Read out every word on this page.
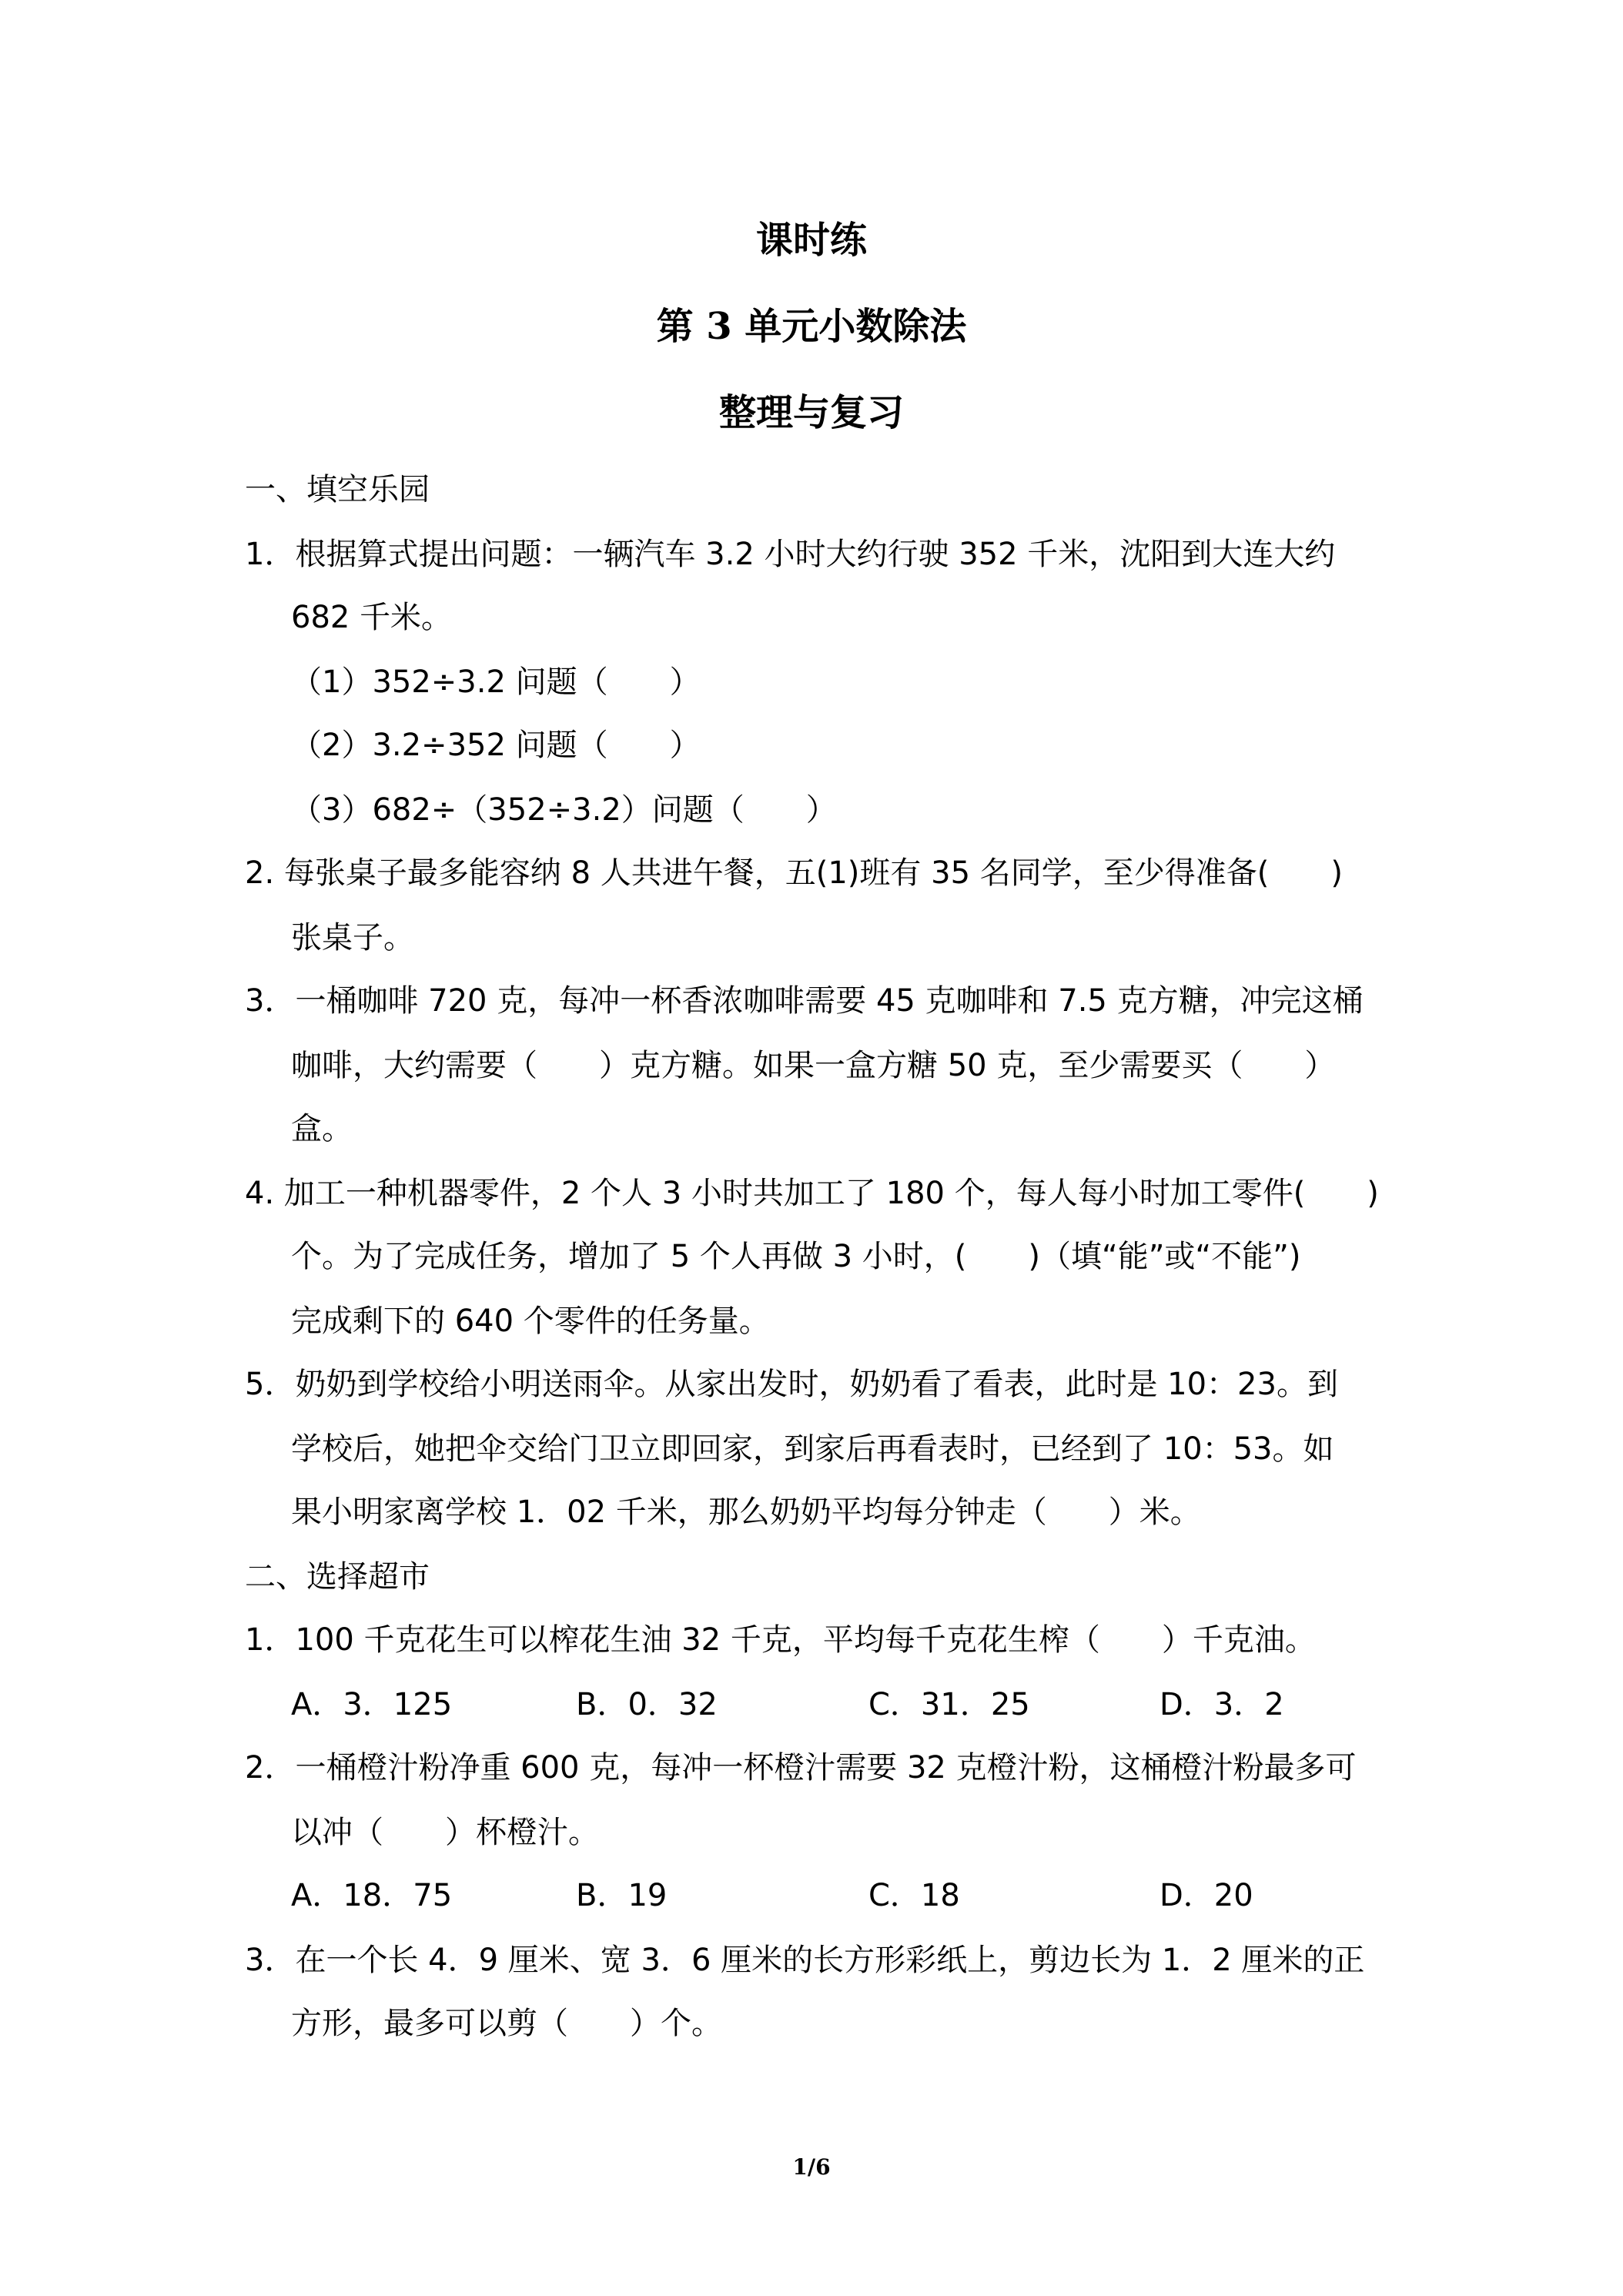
课时练
第 3 单元小数除法
整理与复习
一、填空乐园
1．根据算式提出问题：一辆汽车 3.2 小时大约行驶 352 千米，沈阳到大连大约
682 千米。
（1）352÷3.2 问题（　　）
（2）3.2÷352 问题（　　）
（3）682÷（352÷3.2）问题（　　）
2. 每张桌子最多能容纳 8 人共进午餐，五(1)班有 35 名同学，至少得准备(　　)
张桌子。
3．一桶咖啡 720 克，每冲一杯香浓咖啡需要 45 克咖啡和 7.5 克方糖，冲完这桶
咖啡，大约需要（　　）克方糖。如果一盒方糖 50 克，至少需要买（　　）
盒。
4. 加工一种机器零件，2 个人 3 小时共加工了 180 个，每人每小时加工零件(　　)
个。为了完成任务，增加了 5 个人再做 3 小时，(　　)（填“能”或“不能”)
完成剩下的 640 个零件的任务量。
5．奶奶到学校给小明送雨伞。从家出发时，奶奶看了看表，此时是 10：23。到
学校后，她把伞交给门卫立即回家，到家后再看表时，已经到了 10：53。如
果小明家离学校 1．02 千米，那么奶奶平均每分钟走（　　）米。
二、选择超市
1．100 千克花生可以榨花生油 32 千克，平均每千克花生榨（　　）千克油。
A．3．125	B．0．32	C．31．25	D．3．2
2．一桶橙汁粉净重 600 克，每冲一杯橙汁需要 32 克橙汁粉，这桶橙汁粉最多可
以冲（　　）杯橙汁。
A．18．75	B．19	C．18	D．20
3．在一个长 4．9 厘米、宽 3．6 厘米的长方形彩纸上，剪边长为 1．2 厘米的正
方形，最多可以剪（　　）个。
1/6
